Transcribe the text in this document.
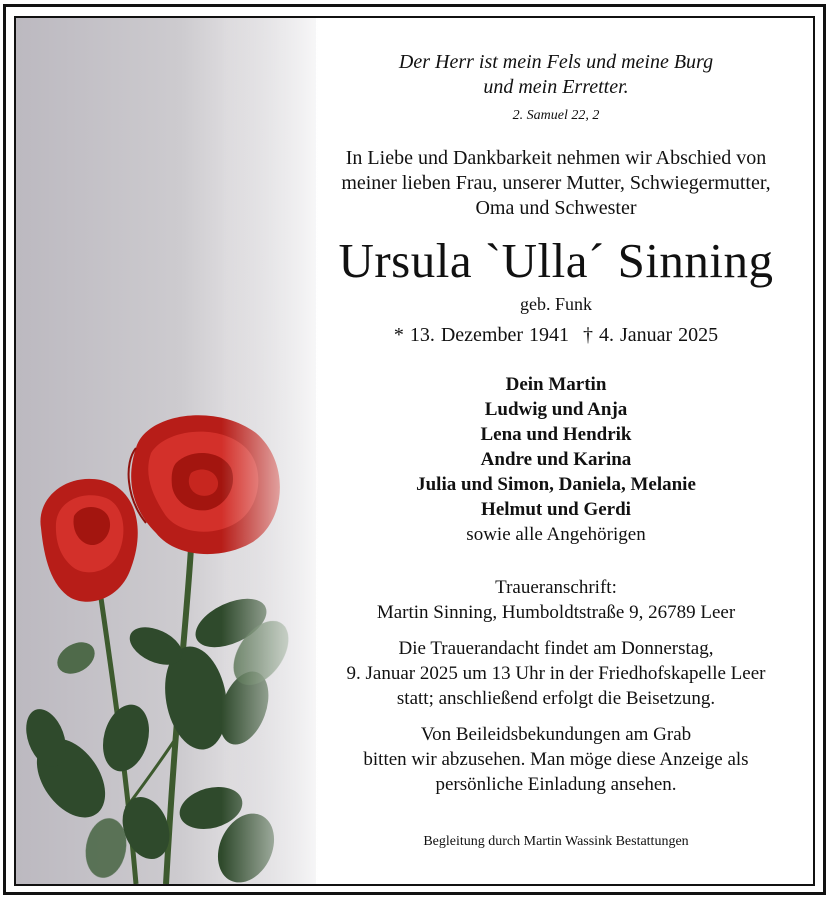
Der Herr ist mein Fels und meine Burg
und mein Erretter.
2. Samuel 22, 2
In Liebe und Dankbarkeit nehmen wir Abschied von
meiner lieben Frau, unserer Mutter, Schwiegermutter,
Oma und Schwester
Ursula `Ulla´ Sinning
geb. Funk
* 13. Dezember 1941 † 4. Januar 2025
Dein Martin
Ludwig und Anja
Lena und Hendrik
Andre und Karina
Julia und Simon, Daniela, Melanie
Helmut und Gerdi
sowie alle Angehörigen
Traueranschrift:
Martin Sinning, Humboldtstraße 9, 26789 Leer
Die Trauerandacht findet am Donnerstag,
9. Januar 2025 um 13 Uhr in der Friedhofskapelle Leer
statt; anschließend erfolgt die Beisetzung.
Von Beileidsbekundungen am Grab
bitten wir abzusehen. Man möge diese Anzeige als
persönliche Einladung ansehen.
Begleitung durch Martin Wassink Bestattungen
